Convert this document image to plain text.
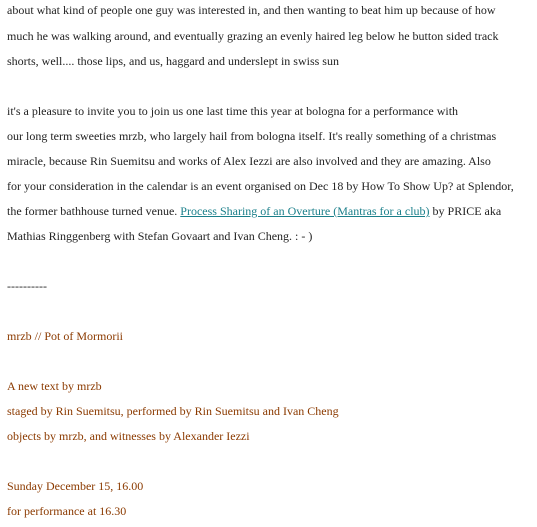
about what kind of people one guy was interested in, and then wanting to beat him up because of how
much he was walking around, and eventually grazing an evenly haired leg below he button sided track
shorts, well.... those lips, and us, haggard and underslept in swiss sun
it's a pleasure to invite you to join us one last time this year at bologna for a performance with
our long term sweeties mrzb, who largely hail from bologna itself. It's really something of a christmas
miracle, because Rin Suemitsu and works of Alex Iezzi are also involved and they are amazing. Also
for your consideration in the calendar is an event organised on Dec 18 by How To Show Up? at Splendor,
the former bathhouse turned venue. Process Sharing of an Overture (Mantras for a club) by PRICE aka
Mathias Ringgenberg with Stefan Govaart and Ivan Cheng. : - )
----------
mrzb // Pot of Mormorii
A new text by mrzb
staged by Rin Suemitsu, performed by Rin Suemitsu and Ivan Cheng
objects by mrzb, and witnesses by Alexander Iezzi
Sunday December 15, 16.00
for performance at 16.30
